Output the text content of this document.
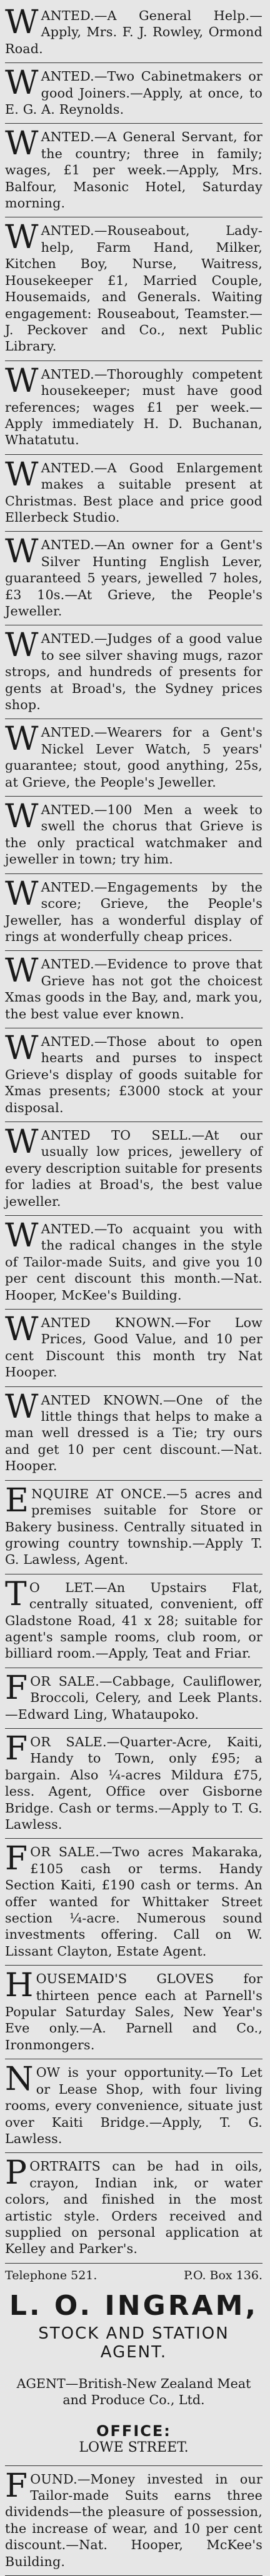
WANTED.—A General Help.—Apply, Mrs. F. J. Rowley, Ormond Road.
WANTED.—Two Cabinetmakers or good Joiners.—Apply, at once, to E. G. A. Reynolds.
WANTED.—A General Servant, for the country; three in family; wages, £1 per week.—Apply, Mrs. Balfour, Masonic Hotel, Saturday morning.
WANTED.—Rouseabout, Lady-help, Farm Hand, Milker, Kitchen Boy, Nurse, Waitress, Housekeeper £1, Married Couple, Housemaids, and Generals. Waiting engagement: Rouseabout, Teamster.—J. Peckover and Co., next Public Library.
WANTED.—Thoroughly competent housekeeper; must have good references; wages £1 per week.—Apply immediately H. D. Buchanan, Whatatutu.
WANTED.—A Good Enlargement makes a suitable present at Christmas. Best place and price good Ellerbeck Studio.
WANTED.—An owner for a Gent's Silver Hunting English Lever, guaranteed 5 years, jewelled 7 holes, £3 10s.—At Grieve, the People's Jeweller.
WANTED.—Judges of a good value to see silver shaving mugs, razor strops, and hundreds of presents for gents at Broad's, the Sydney prices shop.
WANTED.—Wearers for a Gent's Nickel Lever Watch, 5 years' guarantee; stout, good anything, 25s, at Grieve, the People's Jeweller.
WANTED.—100 Men a week to swell the chorus that Grieve is the only practical watchmaker and jeweller in town; try him.
WANTED.—Engagements by the score; Grieve, the People's Jeweller, has a wonderful display of rings at wonderfully cheap prices.
WANTED.—Evidence to prove that Grieve has not got the choicest Xmas goods in the Bay, and, mark you, the best value ever known.
WANTED.—Those about to open hearts and purses to inspect Grieve's display of goods suitable for Xmas presents; £3000 stock at your disposal.
WANTED TO SELL.—At our usually low prices, jewellery of every description suitable for presents for ladies at Broad's, the best value jeweller.
WANTED.—To acquaint you with the radical changes in the style of Tailor-made Suits, and give you 10 per cent discount this month.—Nat. Hooper, McKee's Building.
WANTED KNOWN.—For Low Prices, Good Value, and 10 per cent Discount this month try Nat Hooper.
WANTED KNOWN.—One of the little things that helps to make a man well dressed is a Tie; try ours and get 10 per cent discount.—Nat. Hooper.
ENQUIRE AT ONCE.—5 acres and premises suitable for Store or Bakery business. Centrally situated in growing country township.—Apply T. G. Lawless, Agent.
TO LET.—An Upstairs Flat, centrally situated, convenient, off Gladstone Road, 41 x 28; suitable for agent's sample rooms, club room, or billiard room.—Apply, Teat and Friar.
FOR SALE.—Cabbage, Cauliflower, Broccoli, Celery, and Leek Plants.—Edward Ling, Whataupoko.
FOR SALE.—Quarter-Acre, Kaiti, Handy to Town, only £95; a bargain. Also ¼-acres Mildura £75, less. Agent, Office over Gisborne Bridge. Cash or terms.—Apply to T. G. Lawless.
FOR SALE.—Two acres Makaraka, £105 cash or terms. Handy Section Kaiti, £190 cash or terms. An offer wanted for Whittaker Street section ¼-acre. Numerous sound investments offering. Call on W. Lissant Clayton, Estate Agent.
HOUSEMAID'S GLOVES for thirteen pence each at Parnell's Popular Saturday Sales, New Year's Eve only.—A. Parnell and Co., Ironmongers.
NOW is your opportunity.—To Let or Lease Shop, with four living rooms, every convenience, situate just over Kaiti Bridge.—Apply, T. G. Lawless.
PORTRAITS can be had in oils, crayon, Indian ink, or water colors, and finished in the most artistic style. Orders received and supplied on personal application at Kelley and Parker's.
Telephone 521.	P.O. Box 136.
L. O. INGRAM,
STOCK AND STATION AGENT.
AGENT—British-New Zealand Meat and Produce Co., Ltd.
OFFICE:
LOWE STREET.
FOUND.—Money invested in our Tailor-made Suits earns three dividends—the pleasure of possession, the increase of wear, and 10 per cent discount.—Nat. Hooper, McKee's Building.
